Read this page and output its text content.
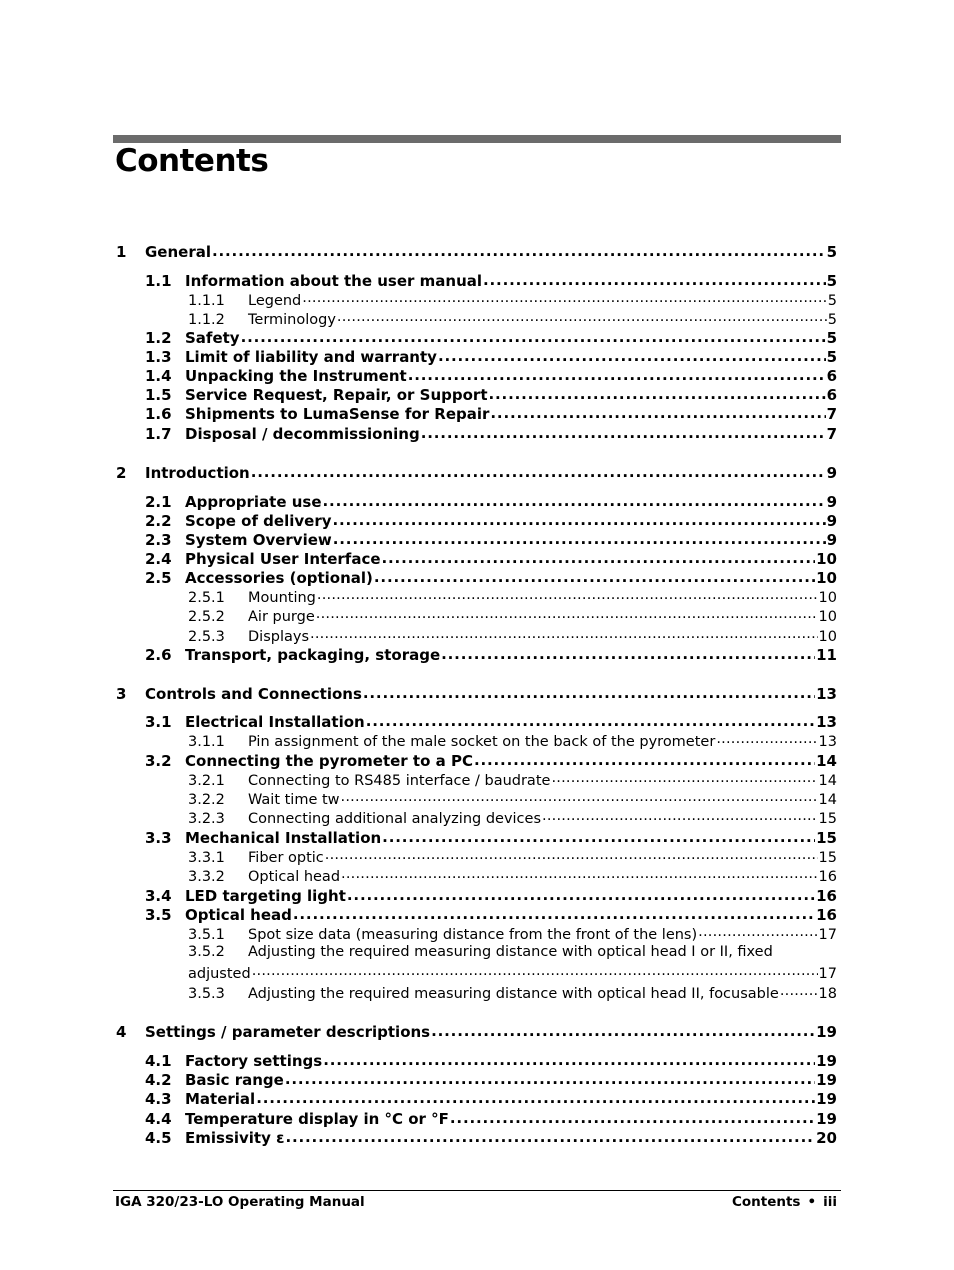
Contents
1	General . . .	5
1.1 Information about the user manual . . .	5
1.1.1	Legend . . .	5
1.1.2	Terminology . . .	5
1.2 Safety . . .	5
1.3 Limit of liability and warranty . . .	5
1.4 Unpacking the Instrument . . .	6
1.5 Service Request, Repair, or Support . . .	6
1.6 Shipments to LumaSense for Repair . . .	7
1.7 Disposal / decommissioning . . .	7
2	Introduction . . .	9
2.1 Appropriate use . . .	9
2.2 Scope of delivery . . .	9
2.3 System Overview . . .	9
2.4 Physical User Interface . . .	10
2.5 Accessories (optional) . . .	10
2.5.1	Mounting . . .	10
2.5.2	Air purge . . .	10
2.5.3	Displays . . .	10
2.6 Transport, packaging, storage . . .	11
3	Controls and Connections . . .	13
3.1 Electrical Installation . . .	13
3.1.1	Pin assignment of the male socket on the back of the pyrometer . . .	13
3.2 Connecting the pyrometer to a PC . . .	14
3.2.1	Connecting to RS485 interface / baudrate . . .	14
3.2.2	Wait time tw . . .	14
3.2.3	Connecting additional analyzing devices . . .	15
3.3 Mechanical Installation . . .	15
3.3.1	Fiber optic . . .	15
3.3.2	Optical head . . .	16
3.4 LED targeting light . . .	16
3.5 Optical head . . .	16
3.5.1	Spot size data (measuring distance from the front of the lens) . . .	17
3.5.2 Adjusting the required measuring distance with optical head I or II, fixed
adjusted . . .	17
3.5.3	Adjusting the required measuring distance with optical head II, focusable . . .	18
4	Settings / parameter descriptions . . .	19
4.1 Factory settings . . .	19
4.2 Basic range . . .	19
4.3 Material . . .	19
4.4 Temperature display in °C or °F . . .	19
4.5 Emissivity ε . . .	20
IGA 320/23-LO Operating Manual	Contents • iii
